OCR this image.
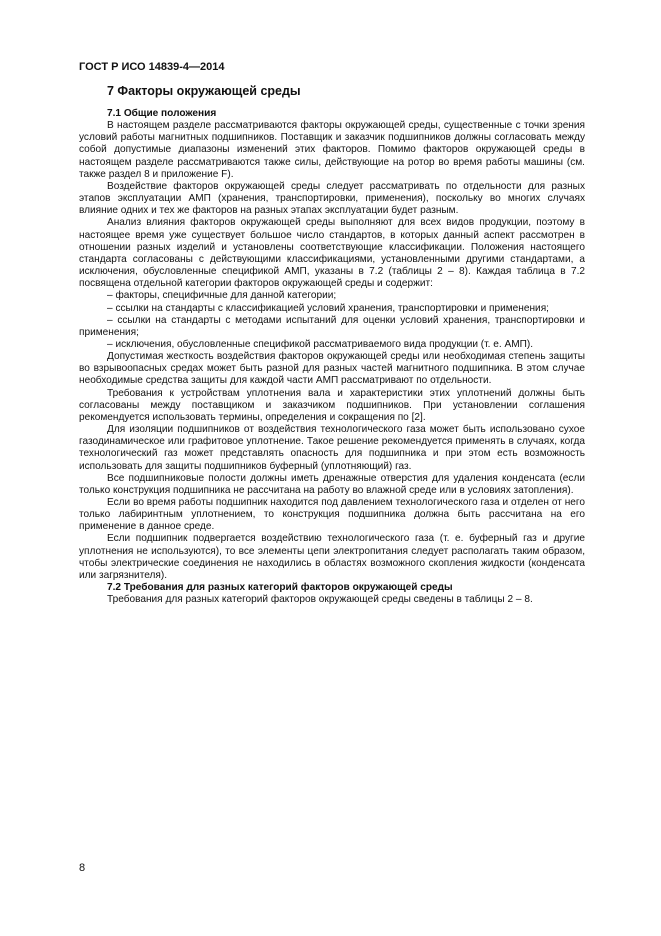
ГОСТ Р ИСО 14839-4—2014

7 Факторы окружающей среды
7.1 Общие положения

В настоящем разделе рассматриваются факторы окружающей среды, существенные с точки зрения условий работы магнитных подшипников. Поставщик и заказчик подшипников должны согласовать между собой допустимые диапазоны изменений этих факторов. Помимо факторов окружающей среды в настоящем разделе рассматриваются также силы, действующие на ротор во время работы машины (см. также раздел 8 и приложение F).

Воздействие факторов окружающей среды следует рассматривать по отдельности для разных этапов эксплуатации АМП (хранения, транспортировки, применения), поскольку во многих случаях влияние одних и тех же факторов на разных этапах эксплуатации будет разным.

Анализ влияния факторов окружающей среды выполняют для всех видов продукции, поэтому в настоящее время уже существует большое число стандартов, в которых данный аспект рассмотрен в отношении разных изделий и установлены соответствующие классификации. Положения настоящего стандарта согласованы с действующими классификациями, установленными другими стандартами, а исключения, обусловленные спецификой АМП, указаны в 7.2 (таблицы 2 – 8). Каждая таблица в 7.2 посвящена отдельной категории факторов окружающей среды и содержит:

– факторы, специфичные для данной категории;
– ссылки на стандарты с классификацией условий хранения, транспортировки и применения;
– ссылки на стандарты с методами испытаний для оценки условий хранения, транспортировки и применения;
– исключения, обусловленные спецификой рассматриваемого вида продукции (т. е. АМП).

Допустимая жесткость воздействия факторов окружающей среды или необходимая степень защиты во взрывоопасных средах может быть разной для разных частей магнитного подшипника. В этом случае необходимые средства защиты для каждой части АМП рассматривают по отдельности.

Требования к устройствам уплотнения вала и характеристики этих уплотнений должны быть согласованы между поставщиком и заказчиком подшипников. При установлении соглашения рекомендуется использовать термины, определения и сокращения по [2].

Для изоляции подшипников от воздействия технологического газа может быть использовано сухое газодинамическое или графитовое уплотнение. Такое решение рекомендуется применять в случаях, когда технологический газ может представлять опасность для подшипника и при этом есть возможность использовать для защиты подшипников буферный (уплотняющий) газ.

Все подшипниковые полости должны иметь дренажные отверстия для удаления конденсата (если только конструкция подшипника не рассчитана на работу во влажной среде или в условиях затопления).

Если во время работы подшипник находится под давлением технологического газа и отделен от него только лабиринтным уплотнением, то конструкция подшипника должна быть рассчитана на его применение в данное среде.

Если подшипник подвергается воздействию технологического газа (т. е. буферный газ и другие уплотнения не используются), то все элементы цепи электропитания следует располагать таким образом, чтобы электрические соединения не находились в областях возможного скопления жидкости (конденсата или загрязнителя).

7.2 Требования для разных категорий факторов окружающей среды

Требования для разных категорий факторов окружающей среды сведены в таблицы 2 – 8.

8
